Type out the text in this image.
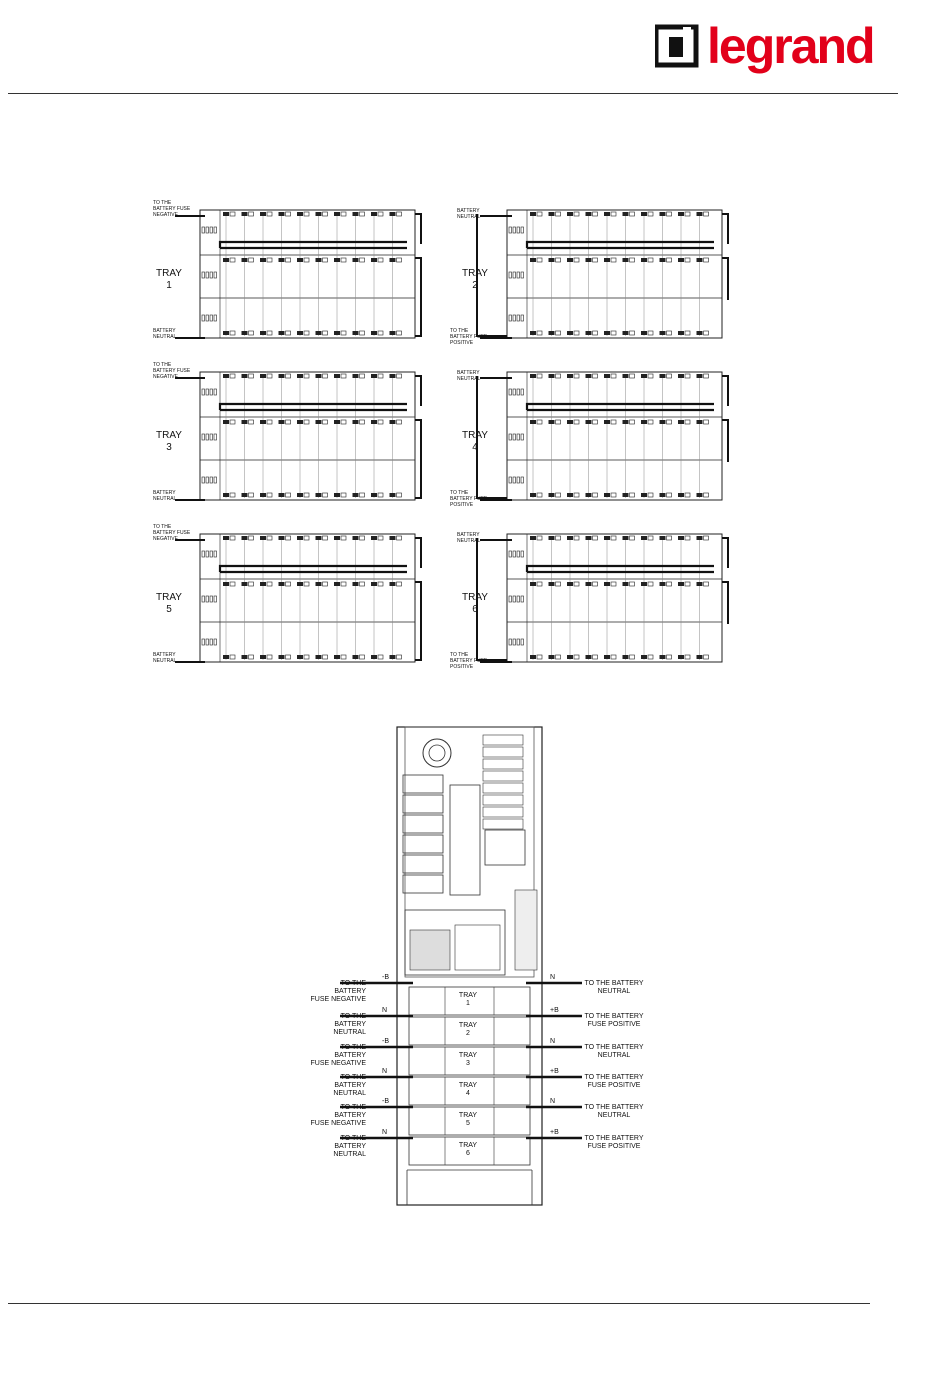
legrand
TO THE
BATTERY FUSE
NEGATIVE
BATTERY
NEUTRAL
TRAY
1
BATTERY
NEUTRAL
TO THE
BATTERY FUSE
POSITIVE
TRAY
2
TO THE
BATTERY FUSE
NEGATIVE
BATTERY
NEUTRAL
TRAY
3
BATTERY
NEUTRAL
TO THE
BATTERY FUSE
POSITIVE
TRAY
4
TO THE
BATTERY FUSE
NEGATIVE
BATTERY
NEUTRAL
TRAY
5
BATTERY
NEUTRAL
TO THE
BATTERY FUSE
POSITIVE
TRAY
6
TO THE BATTERY
FUSE NEGATIVE
-B
TO THE BATTERY
NEUTRAL
N
TO THE BATTERY
FUSE NEGATIVE
-B
TO THE BATTERY
NEUTRAL
N
TO THE BATTERY
FUSE NEGATIVE
-B
TO THE BATTERY
NEUTRAL
N
TO THE BATTERY
NEUTRAL
N
TO THE BATTERY
FUSE POSITIVE
+B
TO THE BATTERY
NEUTRAL
N
TO THE BATTERY
FUSE POSITIVE
+B
TO THE BATTERY
NEUTRAL
N
TO THE BATTERY
FUSE POSITIVE
+B
TRAY
1
TRAY
2
TRAY
3
TRAY
4
TRAY
5
TRAY
6
